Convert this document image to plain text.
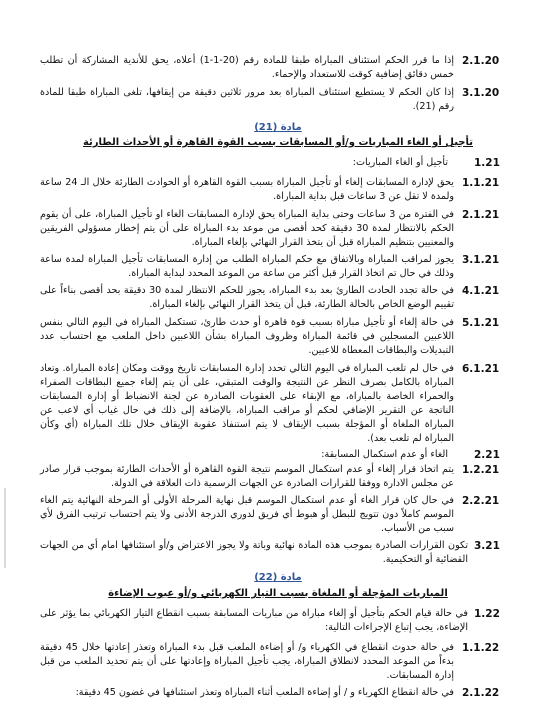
2.1.20
إذا ما قرر الحكم استئناف المباراة طبقا للمادة رقم (20-1-1) أعلاه، يحق للأندية المشاركة أن تطلب خمس دقائق إضافية كوقت للاستعداد والإحماء.
3.1.20
إذا كان الحكم لا يستطيع استئناف المباراة بعد مرور ثلاثين دقيقة من إيقافها، تلغى المباراة طبقا للمادة رقم (21).
مادة (21)
تأجيل أو الغاء المباريات و/أو المسابقات بسبب القوة القاهرة أو الأحداث الطارئة
1.21
تأجيل أو الغاء المباريات:
1.1.21
يحق لإدارة المسابقات إلغاء أو تأجيل المباراة بسبب القوة القاهرة أو الحوادث الطارئة خلال الـ 24 ساعة ولمدة لا تقل عن 3 ساعات قبل بداية المباراة.
2.1.21
في الفترة من 3 ساعات وحتى بداية المباراة يحق لإدارة المسابقات الغاء او تأجيل المباراة، على أن يقوم الحكم بالانتظار لمدة 30 دقيقة كحد أقصى من موعد بدء المباراة على أن يتم إخطار مسؤولي الفريقين والمعنيين بتنظيم المباراة قبل أن يتخذ القرار النهائي بإلغاء المباراة.
3.1.21
يجوز لمراقب المباراة وبالاتفاق مع حكم المباراة الطلب من إدارة المسابقات تأجيل المباراة لمدة ساعة وذلك في حال تم اتخاذ القرار قبل أكثر من ساعة من الموعد المحدد لبداية المباراة.
4.1.21
في حالة تجدد الحادث الطارئ بعد بدء المباراة، يجوز للحكم الانتظار لمدة 30 دقيقة بحد أقصى بناءاً على تقييم الوضع الخاص بالحالة الطارئة، قبل أن يتخذ القرار النهائي بإلغاء المباراة.
5.1.21
في حالة إلغاء أو تأجيل مباراة بسبب قوة قاهرة أو حدث طارئ، تستكمل المباراة في اليوم التالي بنفس اللاعبين المسجلين في قائمة المباراة وظروف المباراة بشأن اللاعبين داخل الملعب مع احتساب عدد التبديلات والبطاقات المعطاة للاعبين.
6.1.21
في حال لم تلعب المباراة في اليوم التالي تحدد إدارة المسابقات تاريخ ووقت ومكان إعادة المباراة. وتعاد المباراة بالكامل بصرف النظر عن النتيجة والوقت المتبقي، على أن يتم إلغاء جميع البطاقات الصفراء والحمراء الخاصة بالمباراة، مع الإبقاء على العقوبات الصادرة عن لجنة الانضباط أو إدارة المسابقات الناتجة عن التقرير الإضافي لحكم أو مراقب المباراة، بالإضافة إلى ذلك في حال غياب أي لاعب عن المباراة الملغاة أو المؤجلة بسبب الإيقاف لا يتم استنفاذ عقوبة الإيقاف خلال تلك المباراة (أي وكأن المباراة لم تلعب بعد).
2.21
الغاء أو عدم استكمال المسابقة:
1.2.21
يتم اتخاذ قرار إلغاء أو عدم استكمال الموسم نتيجة القوة القاهرة أو الأحداث الطارئة بموجب قرار صادر عن مجلس الادارة ووفقا للقرارات الصادرة عن الجهات الرسمية ذات العلاقة في الدولة.
2.2.21
في حال كان قرار الغاء أو عدم استكمال الموسم قبل نهاية المرحلة الأولى أو المرحلة النهائية يتم الغاء الموسم كاملاً دون تتويج للبطل أو هبوط أي فريق لدوري الدرجة الأدنى ولا يتم احتساب ترتيب الفرق لأي سبب من الأسباب.
3.21
تكون القرارات الصادرة بموجب هذه المادة نهائية وباتة ولا يجوز الاعتراض و/أو استئنافها امام أي من الجهات القضائية أو التحكيمية.
مادة (22)
المباريات المؤجلة أو الملغاة بسبب التيار الكهربائي و/أو عيوب الإضاءة
1.22
في حالة قيام الحكم بتأجيل أو إلغاء مباراة من مباريات المسابقة بسبب انقطاع التيار الكهربائي بما يؤثر على الإضاءة، يجب إتباع الإجراءات التالية:
1.1.22
في حالة حدوث انقطاع في الكهرباء و/ أو إضاءة الملعب قبل بدء المباراة وتعذر إعادتها خلال 45 دقيقة بدءاً من الموعد المحدد لانطلاق المباراة، يجب تأجيل المباراة وإعادتها على أن يتم تحديد الملعب من قبل إدارة المسابقات.
2.1.22
في حالة انقطاع الكهرباء و / أو إضاءة الملعب أثناء المباراة وتعذر استئنافها في غضون 45 دقيقة:
